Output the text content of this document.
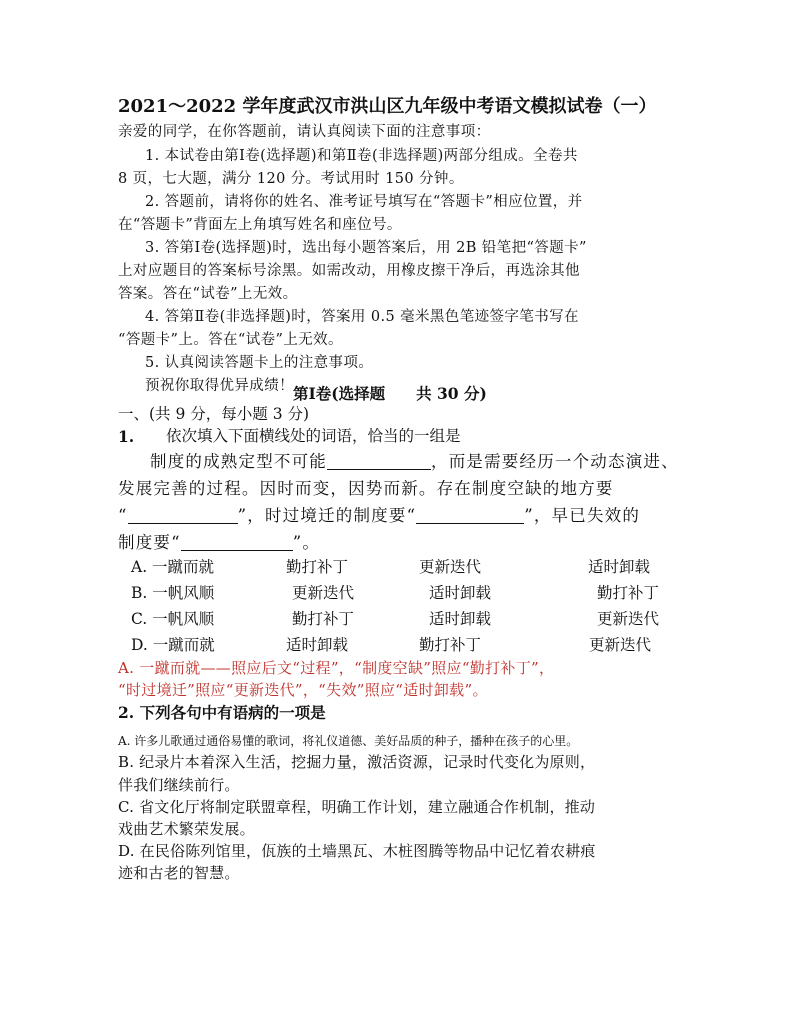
2021～2022 学年度武汉市洪山区九年级中考语文模拟试卷（一）
亲爱的同学，在你答题前，请认真阅读下面的注意事项：
1. 本试卷由第Ⅰ卷(选择题)和第Ⅱ卷(非选择题)两部分组成。全卷共
8 页，七大题，满分 120 分。考试用时 150 分钟。
2. 答题前，请将你的姓名、准考证号填写在“答题卡”相应位置，并
在“答题卡”背面左上角填写姓名和座位号。
3. 答第Ⅰ卷(选择题)时，选出每小题答案后，用 2B 铅笔把“答题卡”
上对应题目的答案标号涂黑。如需改动，用橡皮擦干净后，再选涂其他
答案。答在“试卷”上无效。
4. 答第Ⅱ卷(非选择题)时，答案用 0.5 毫米黑色笔迹签字笔书写在
“答题卡”上。答在“试卷”上无效。
5. 认真阅读答题卡上的注意事项。
预祝你取得优异成绩！ 第Ⅰ卷(选择题　　共 30 分)
一、(共 9 分，每小题 3 分)
1. 依次填入下面横线处的词语，恰当的一组是
制度的成熟定型不可能	，而是需要经历一个动态演进、
发展完善的过程。因时而变，因势而新。存在制度空缺的地方要
“	”，时过境迁的制度要“	”，早已失效的
制度要“	”。
A. 一蹴而就	勤打补丁	更新迭代	适时卸载
B. 一帆风顺	更新迭代	适时卸载	勤打补丁
C. 一帆风顺	勤打补丁	适时卸载	更新迭代
D. 一蹴而就	适时卸载	勤打补丁	更新迭代
A. 一蹴而就——照应后文“过程”，“制度空缺”照应“勤打补丁”，
“时过境迁”照应“更新迭代”，“失效”照应“适时卸载”。
2. 下列各句中有语病的一项是
A. 许多儿歌通过通俗易懂的歌词，将礼仪道德、美好品质的种子，播种在孩子的心里。
B. 纪录片本着深入生活，挖掘力量，激活资源，记录时代变化为原则，
伴我们继续前行。
C. 省文化厅将制定联盟章程，明确工作计划，建立融通合作机制，推动
戏曲艺术繁荣发展。
D. 在民俗陈列馆里，佤族的土墙黑瓦、木桩图腾等物品中记忆着农耕痕
迹和古老的智慧。
